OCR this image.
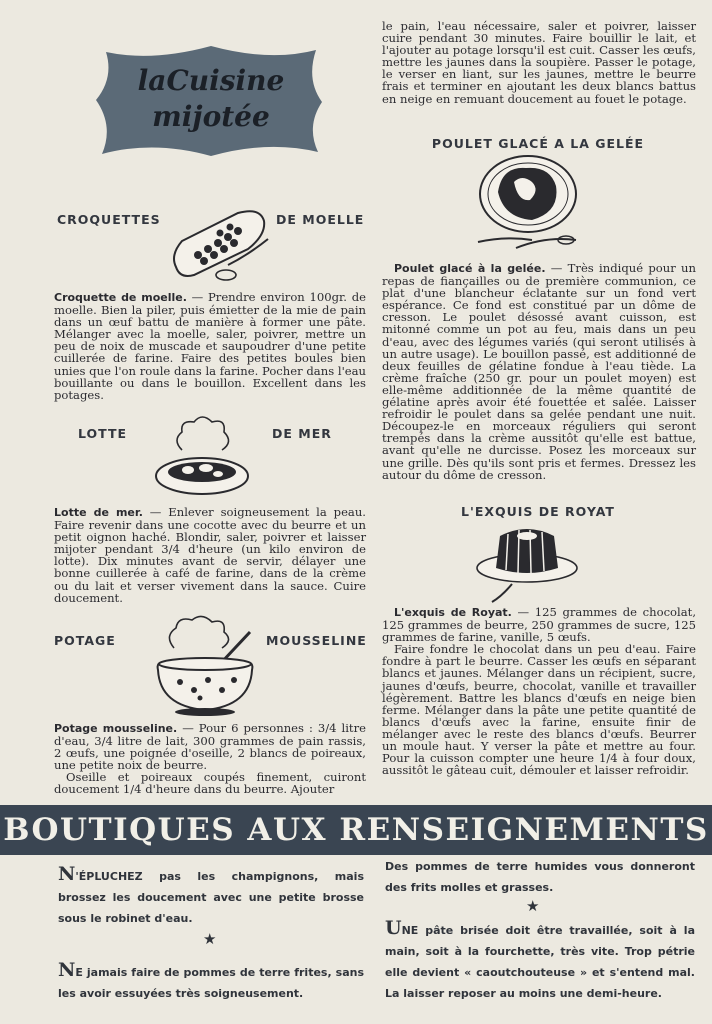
laCuisine
mijotée
CROQUETTES	DE MOELLE

Croquette de moelle. — Prendre environ 100gr. de moelle. Bien la piler, puis émietter de la mie de pain dans un œuf battu de manière à former une pâte. Mélanger avec la moelle, saler, poivrer, mettre un peu de noix de muscade et saupoudrer d'une petite cuillerée de farine. Faire des petites boules bien unies que l'on roule dans la farine. Pocher dans l'eau bouillante ou dans le bouillon. Excellent dans les potages.

LOTTE	DE MER

Lotte de mer. — Enlever soigneusement la peau. Faire revenir dans une cocotte avec du beurre et un petit oignon haché. Blondir, saler, poivrer et laisser mijoter pendant 3/4 d'heure (un kilo environ de lotte). Dix minutes avant de servir, délayer une bonne cuillerée à café de farine, dans de la crème ou du lait et verser vivement dans la sauce. Cuire doucement.

POTAGE	MOUSSELINE

Potage mousseline. — Pour 6 personnes : 3/4 litre d'eau, 3/4 litre de lait, 300 grammes de pain rassis, 2 œufs, une poignée d'oseille, 2 blancs de poireaux, une petite noix de beurre.

Oseille et poireaux coupés finement, cuiront doucement 1/4 d'heure dans du beurre. Ajouter

le pain, l'eau nécessaire, saler et poivrer, laisser cuire pendant 30 minutes. Faire bouillir le lait, et l'ajouter au potage lorsqu'il est cuit. Casser les œufs, mettre les jaunes dans la soupière. Passer le potage, le verser en liant, sur les jaunes, mettre le beurre frais et terminer en ajoutant les deux blancs battus en neige en remuant doucement au fouet le potage.
POULET GLACÉ A LA GELÉE

Poulet glacé à la gelée. — Très indiqué pour un repas de fiançailles ou de première communion, ce plat d'une blancheur éclatante sur un fond vert espérance. Ce fond est constitué par un dôme de cresson. Le poulet désossé avant cuisson, est mitonné comme un pot au feu, mais dans un peu d'eau, avec des légumes variés (qui seront utilisés à un autre usage). Le bouillon passé, est additionné de deux feuilles de gélatine fondue à l'eau tiède. La crème fraîche (250 gr. pour un poulet moyen) est elle-même additionnée de la même quantité de gélatine après avoir été fouettée et salée. Laisser refroidir le poulet dans sa gelée pendant une nuit. Découpez-le en morceaux réguliers qui seront trempés dans la crème aussitôt qu'elle est battue, avant qu'elle ne durcisse. Posez les morceaux sur une grille. Dès qu'ils sont pris et fermes. Dressez les autour du dôme de cresson.

L'EXQUIS DE ROYAT

L'exquis de Royat. — 125 grammes de chocolat, 125 grammes de beurre, 250 grammes de sucre, 125 grammes de farine, vanille, 5 œufs.

Faire fondre le chocolat dans un peu d'eau. Faire fondre à part le beurre. Casser les œufs en séparant blancs et jaunes. Mélanger dans un récipient, sucre, jaunes d'œufs, beurre, chocolat, vanille et travailler légèrement. Battre les blancs d'œufs en neige bien ferme. Mélanger dans la pâte une petite quantité de blancs d'œufs avec la farine, ensuite finir de mélanger avec le reste des blancs d'œufs. Beurrer un moule haut. Y verser la pâte et mettre au four. Pour la cuisson compter une heure 1/4 à four doux, aussitôt le gâteau cuit, démouler et laisser refroidir.

BOUTIQUES AUX RENSEIGNEMENTS
N'ÉPLUCHEZ pas les champignons, mais brossez les doucement avec une petite brosse sous le robinet d'eau.
★
NE jamais faire de pommes de terre frites, sans les avoir essuyées très soigneusement.
Des pommes de terre humides vous donneront des frits molles et grasses.
★
UNE pâte brisée doit être travaillée, soit à la main, soit à la fourchette, très vite. Trop pétrie elle devient « caoutchouteuse » et s'entend mal. La laisser reposer au moins une demi-heure.
